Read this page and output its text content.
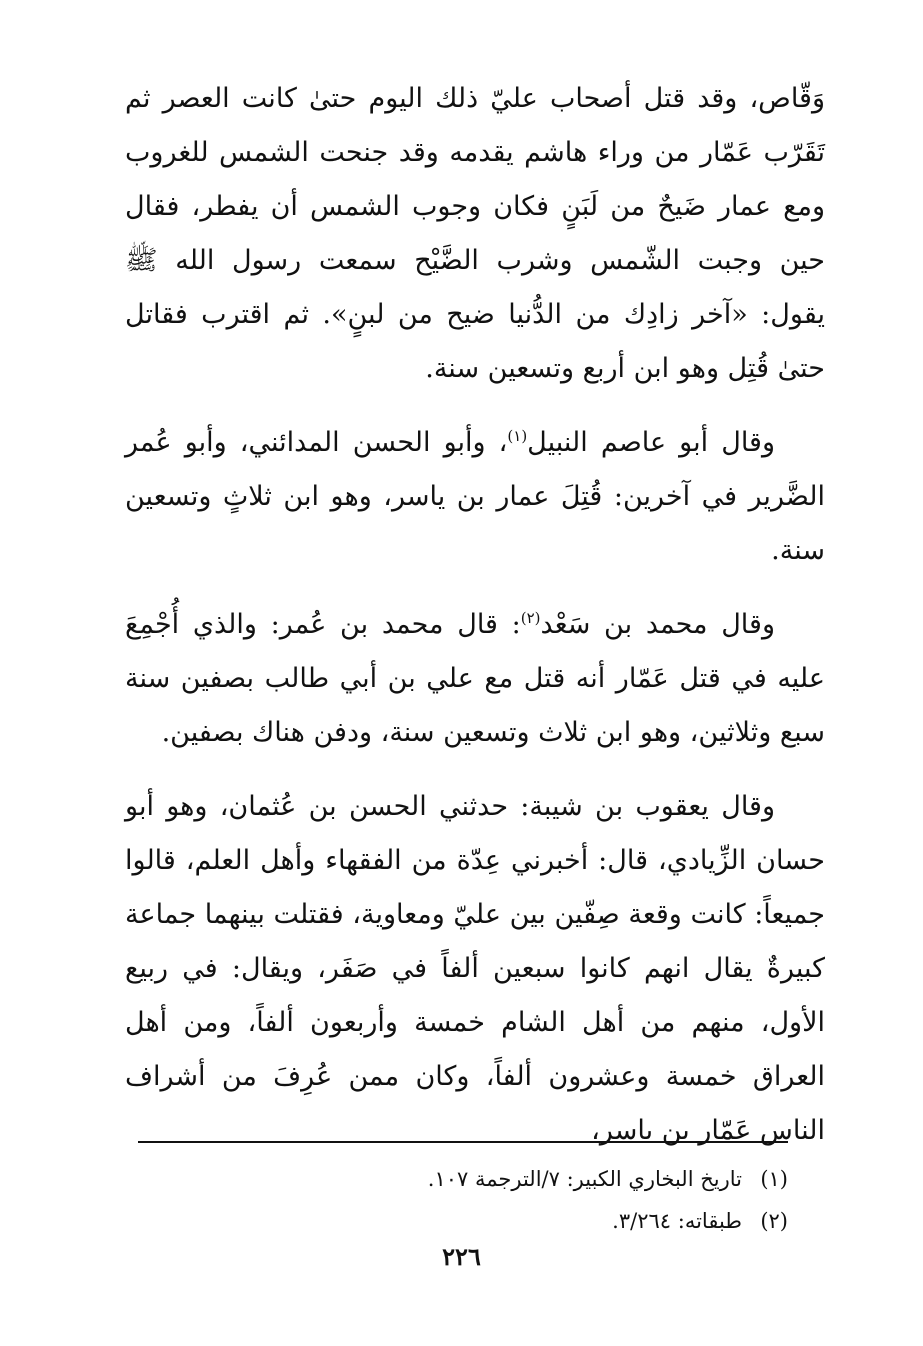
وَقّاص، وقد قتل أصحاب عليّ ذلك اليوم حتىٰ كانت العصر ثم تَقَرّب عَمّار من وراء هاشم يقدمه وقد جنحت الشمس للغروب ومع عمار ضَيحٌ من لَبَنٍ فكان وجوب الشمس أن يفطر، فقال حين وجبت الشّمس وشرب الضَّيْح سمعت رسول الله ﷺ يقول: «آخر زادِك من الدُّنيا ضيح من لبنٍ». ثم اقترب فقاتل حتىٰ قُتِل وهو ابن أربع وتسعين سنة.

وقال أبو عاصم النبيل$^{(١)}$، وأبو الحسن المدائني، وأبو عُمر الضَّرير في آخرين: قُتِلَ عمار بن ياسر، وهو ابن ثلاثٍ وتسعين سنة.

وقال محمد بن سَعْد$^{(٢)}$: قال محمد بن عُمر: والذي أُجْمِعَ عليه في قتل عَمّار أنه قتل مع علي بن أبي طالب بصفين سنة سبع وثلاثين، وهو ابن ثلاث وتسعين سنة، ودفن هناك بصفين.

وقال يعقوب بن شيبة: حدثني الحسن بن عُثمان، وهو أبو حسان الزِّيادي، قال: أخبرني عِدّة من الفقهاء وأهل العلم، قالوا جميعاً: كانت وقعة صِفّين بين عليّ ومعاوية، فقتلت بينهما جماعة كبيرةٌ يقال انهم كانوا سبعين ألفاً في صَفَر، ويقال: في ربيع الأول، منهم من أهل الشام خمسة وأربعون ألفاً، ومن أهل العراق خمسة وعشرون ألفاً، وكان ممن عُرِفَ من أشراف الناس عَمّار بن ياسر،

(١)تاريخ البخاري الكبير: ٧/الترجمة ١٠٧.
(٢)طبقاته: ٣/٢٦٤.
٢٢٦
